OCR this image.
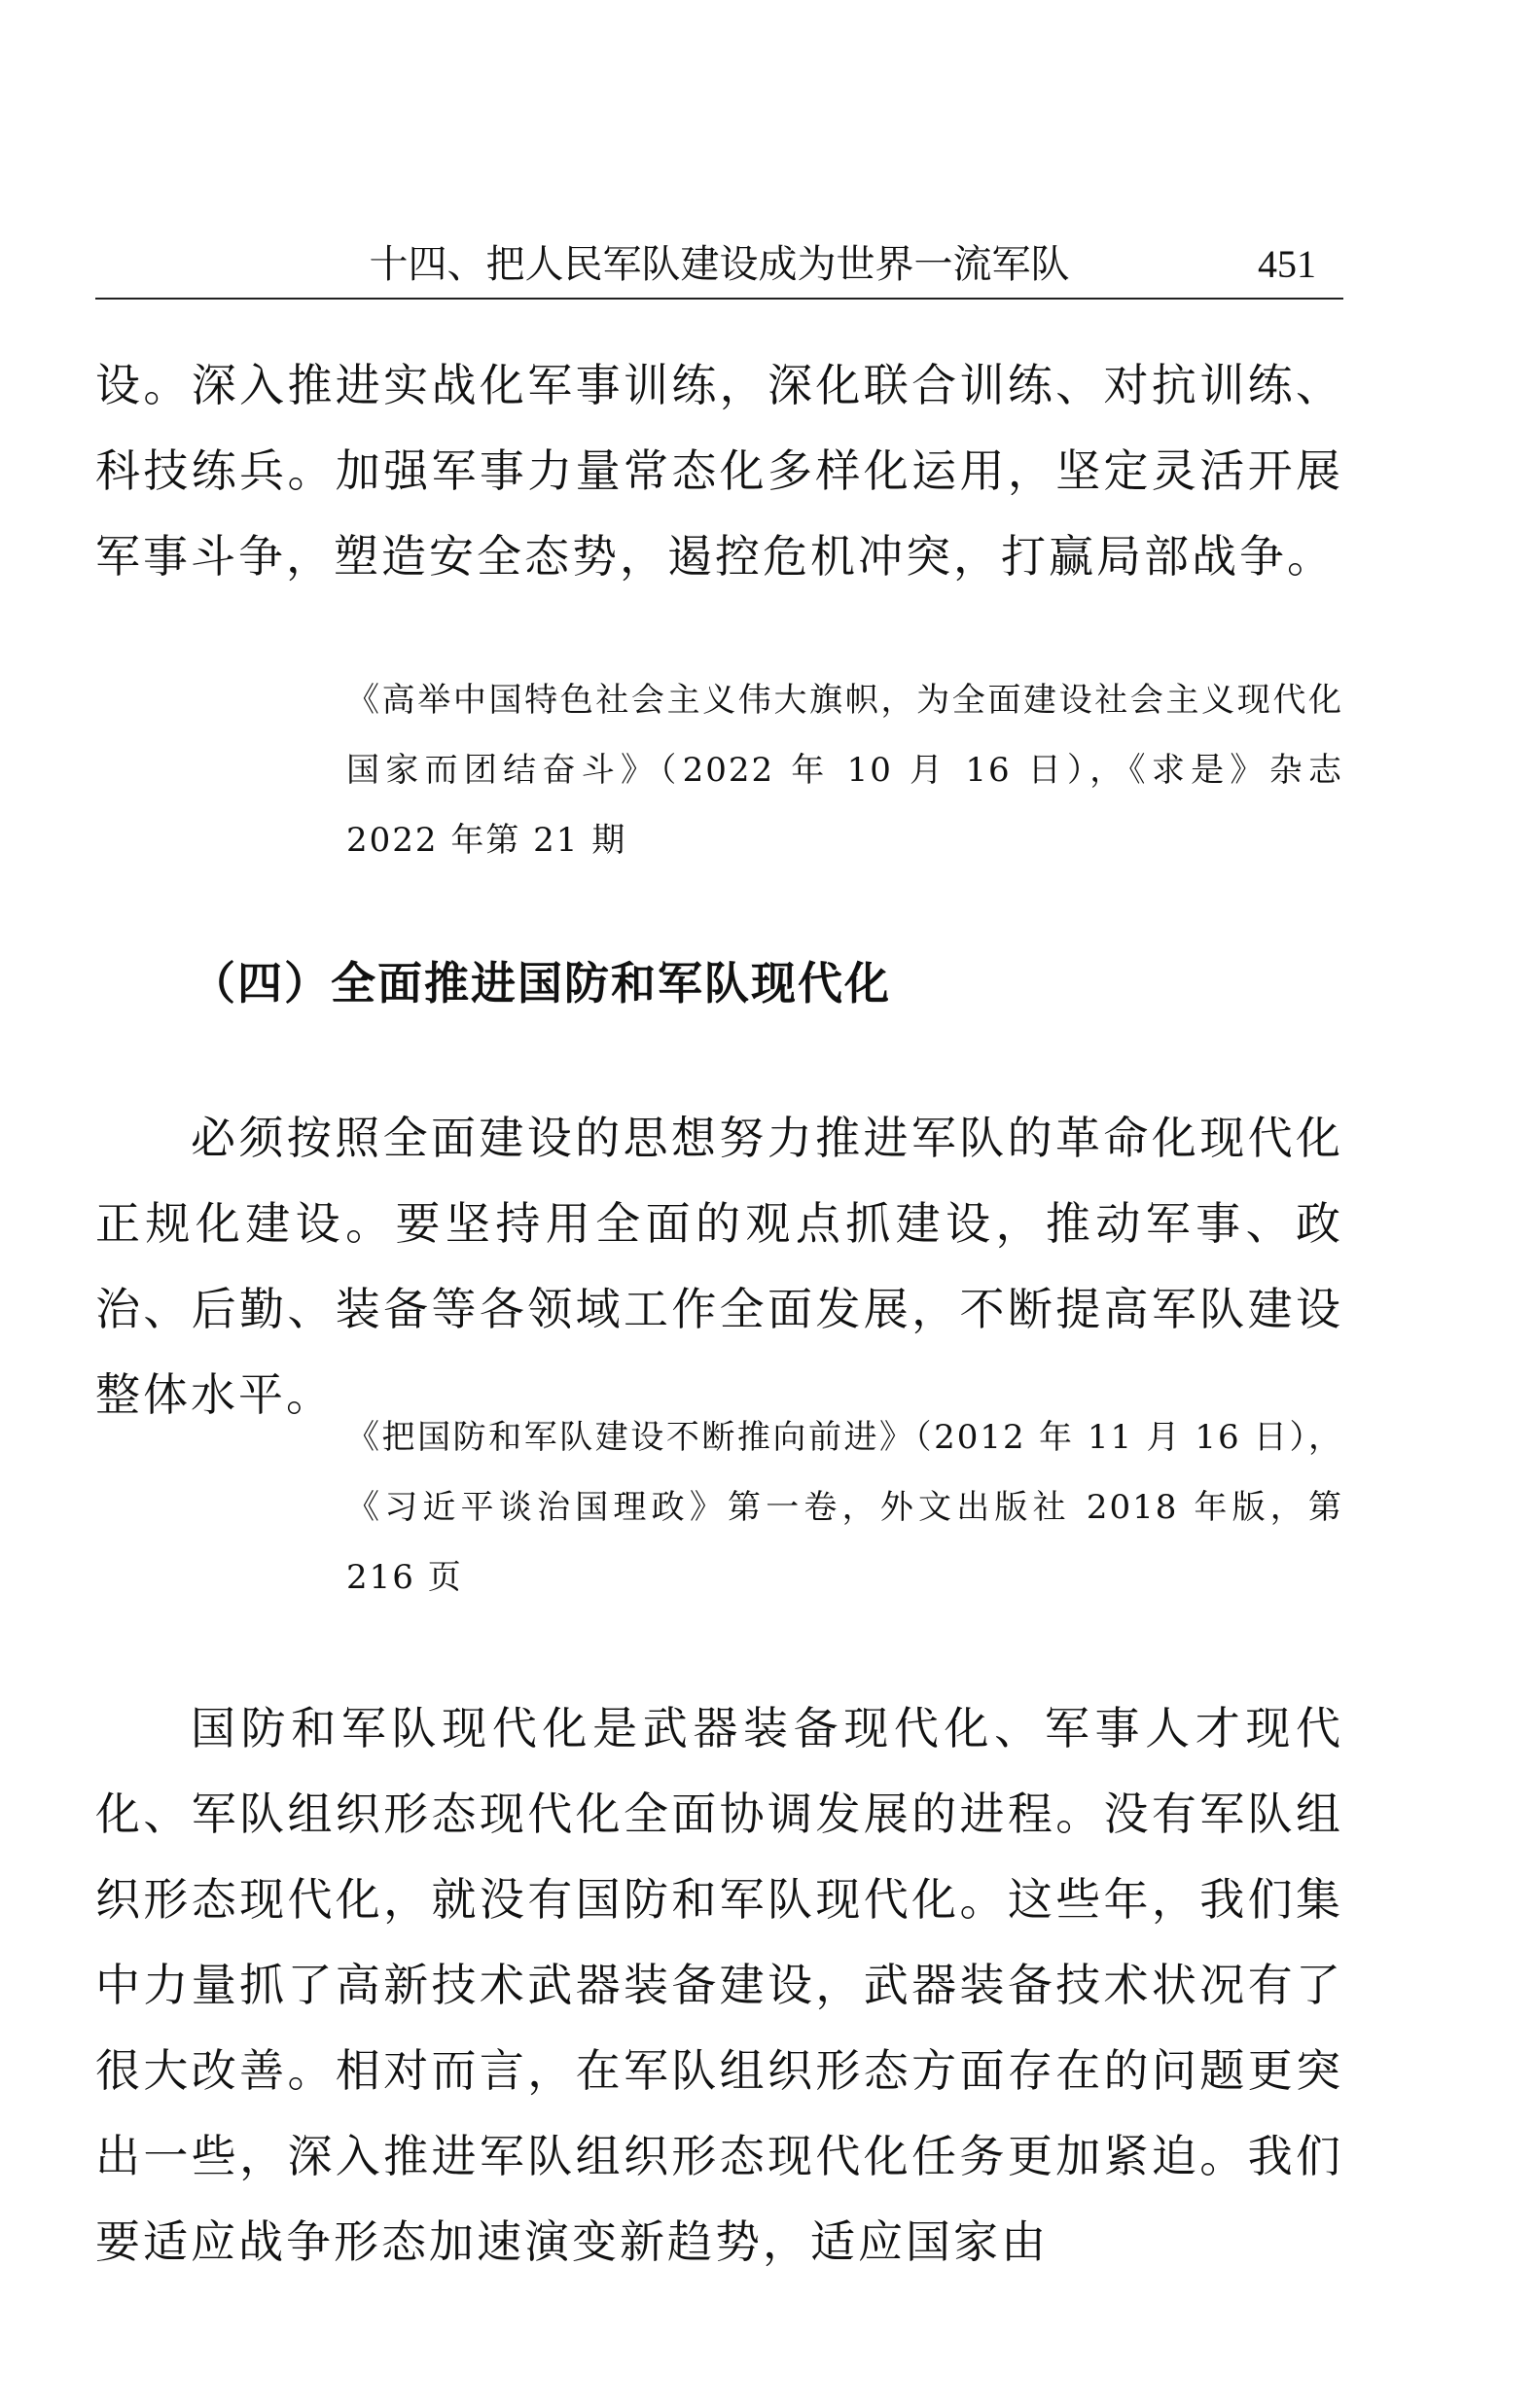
十四、把人民军队建设成为世界一流军队	451

设。深入推进实战化军事训练，深化联合训练、对抗训练、科技练兵。加强军事力量常态化多样化运用，坚定灵活开展军事斗争，塑造安全态势，遏控危机冲突，打赢局部战争。

《高举中国特色社会主义伟大旗帜，为全面建设社会主义现代化国家而团结奋斗》（2022 年 10 月 16 日），《求是》杂志 2022 年第 21 期

（四）全面推进国防和军队现代化

必须按照全面建设的思想努力推进军队的革命化现代化正规化建设。要坚持用全面的观点抓建设，推动军事、政治、后勤、装备等各领域工作全面发展，不断提高军队建设整体水平。

《把国防和军队建设不断推向前进》（2012 年 11 月 16 日），《习近平谈治国理政》第一卷，外文出版社 2018 年版，第 216 页

国防和军队现代化是武器装备现代化、军事人才现代化、军队组织形态现代化全面协调发展的进程。没有军队组织形态现代化，就没有国防和军队现代化。这些年，我们集中力量抓了高新技术武器装备建设，武器装备技术状况有了很大改善。相对而言，在军队组织形态方面存在的问题更突出一些，深入推进军队组织形态现代化任务更加紧迫。我们要适应战争形态加速演变新趋势，适应国家由
